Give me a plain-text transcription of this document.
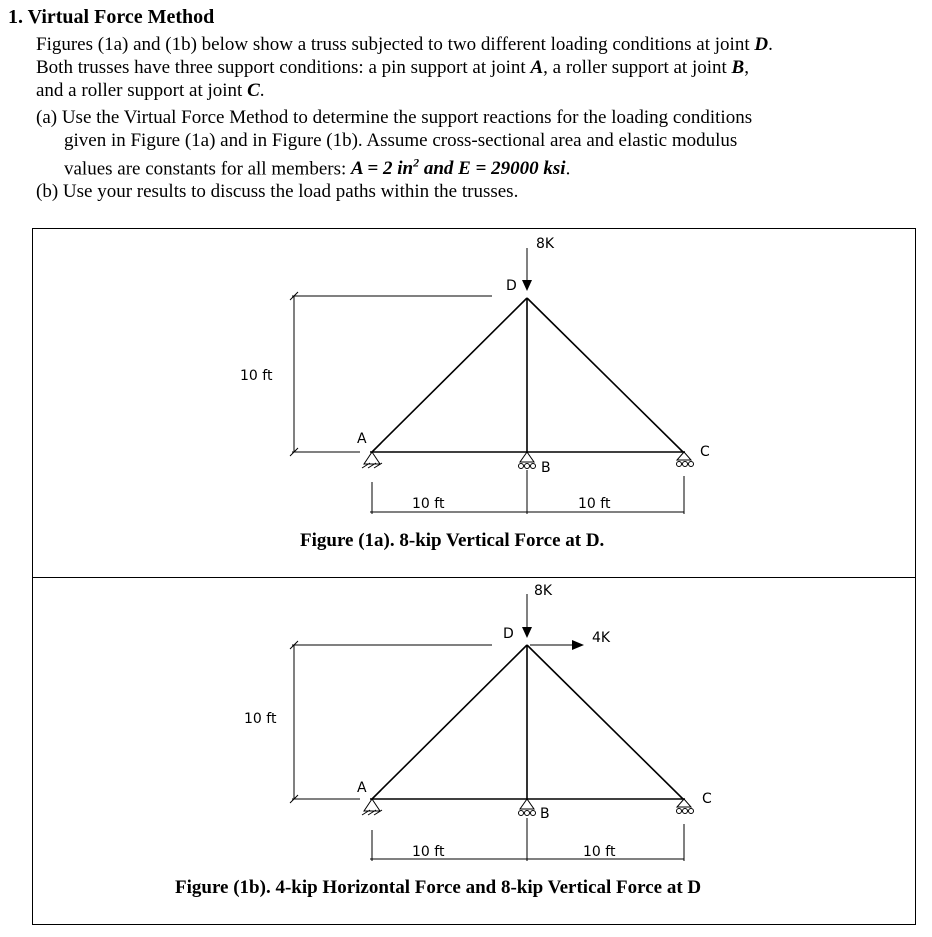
1. Virtual Force Method

Figures (1a) and (1b) below show a truss subjected to two different loading conditions at joint D.

Both trusses have three support conditions: a pin support at joint A, a roller support at joint B,

and a roller support at joint C.

(a) Use the Virtual Force Method to determine the support reactions for the loading conditions
given in Figure (1a) and in Figure (1b). Assume cross-sectional area and elastic modulus
values are constants for all members: A = 2 $in^2$ and E = 29000 ksi.
(b) Use your results to discuss the load paths within the trusses.
10 ft
10 ft	10 ft
8K
D
A
B
C
Figure (1a). 8-kip Vertical Force at D.
10 ft
10 ft	10 ft
8K
4K
D
A
B
C
Figure (1b). 4-kip Horizontal Force and 8-kip Vertical Force at D
